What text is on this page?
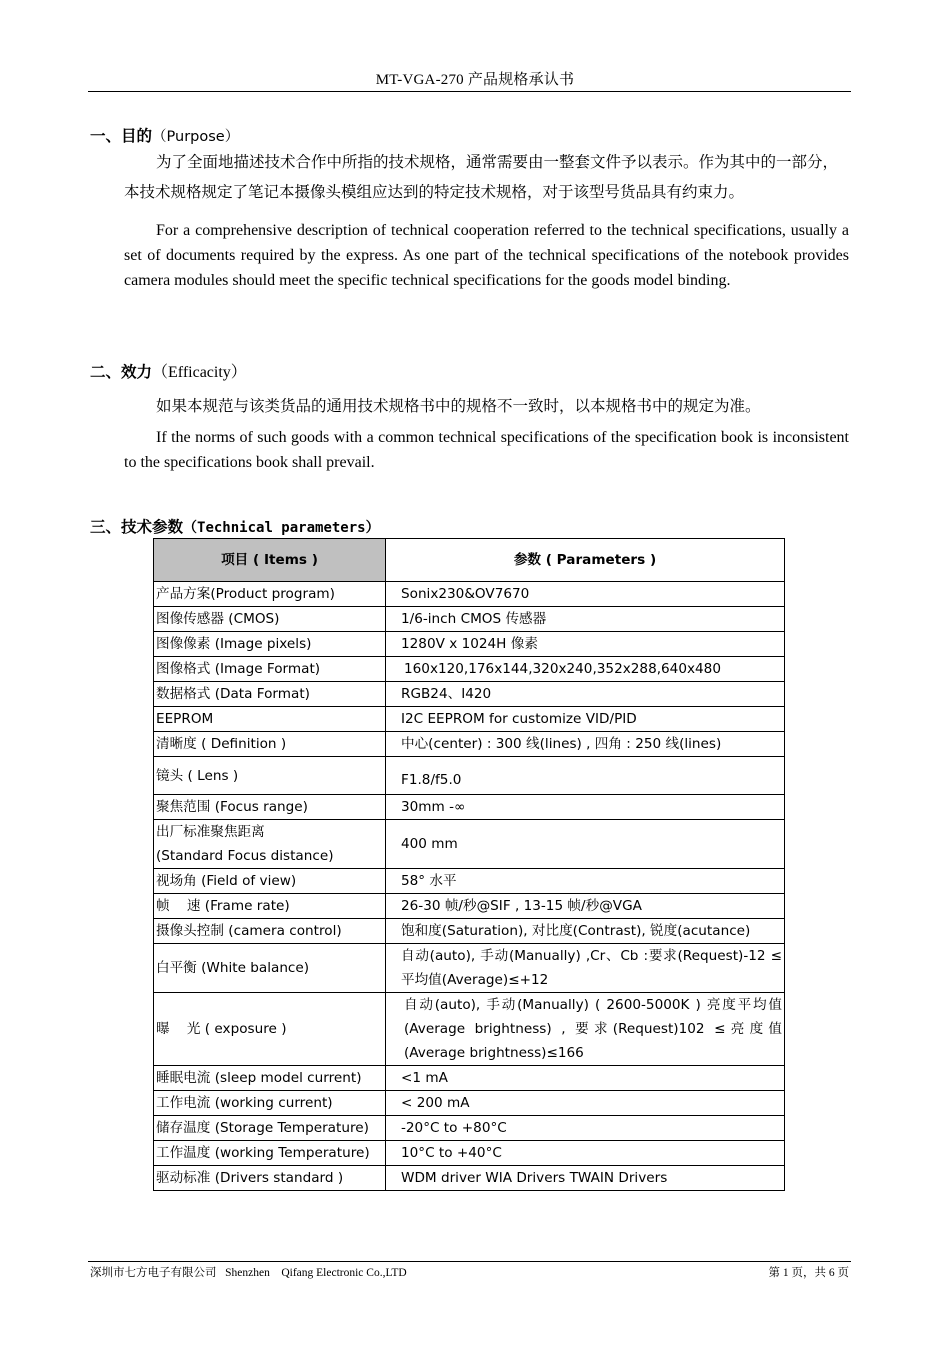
MT-VGA-270 产品规格承认书
一、目的（Purpose）

为了全面地描述技术合作中所指的技术规格，通常需要由一整套文件予以表示。作为其中的一部分，本技术规格规定了笔记本摄像头模组应达到的特定技术规格，对于该型号货品具有约束力。

For a comprehensive description of technical cooperation referred to the technical specifications, usually a set of documents required by the express. As one part of the technical specifications of the notebook provides camera modules should meet the specific technical specifications for the goods model binding.

二、效力（Efficacity）

如果本规范与该类货品的通用技术规格书中的规格不一致时，以本规格书中的规定为准。

If the norms of such goods with a common technical specifications of the specification book is inconsistent to the specifications book shall prevail.

三、技术参数（Technical parameters）
项目 ( Items )	参数 ( Parameters )
产品方案(Product program)	Sonix230&OV7670
图像传感器 (CMOS)	1/6-inch CMOS 传感器
图像像素 (Image pixels)	1280V x 1024H 像素
图像格式 (Image Format)	160x120,176x144,320x240,352x288,640x480
数据格式 (Data Format)	RGB24、I420
EEPROM	I2C EEPROM for customize VID/PID
清晰度 ( Definition )	中心(center) : 300 线(lines) , 四角 : 250 线(lines)
镜头 ( Lens )	F1.8/f5.0
聚焦范围 (Focus range)	30mm -∞
出厂标准聚焦距离
(Standard Focus distance)	400 mm
视场角 (Field of view)	58° 水平
帧    速 (Frame rate)	26-30 帧/秒@SIF , 13-15 帧/秒@VGA
摄像头控制 (camera control)	饱和度(Saturation), 对比度(Contrast), 锐度(acutance)
白平衡 (White balance)	自动(auto), 手动(Manually) ,Cr、Cb :要求(Request)-12 ≤平均值(Average)≤+12
曝    光 ( exposure )	自动(auto), 手动(Manually) ( 2600-5000K ) 亮度平均值(Average brightness) , 要求(Request)102 ≤亮度值(Average brightness)≤166
睡眠电流 (sleep model current)	<1 mA
工作电流 (working current)	< 200 mA
储存温度 (Storage Temperature)	-20°C to +80°C
工作温度 (working Temperature)	10°C to +40°C
驱动标准 (Drivers standard )	WDM driver WIA Drivers TWAIN Drivers
深圳市七方电子有限公司   Shenzhen    Qifang Electronic Co.,LTD	第 1 页，共 6 页
